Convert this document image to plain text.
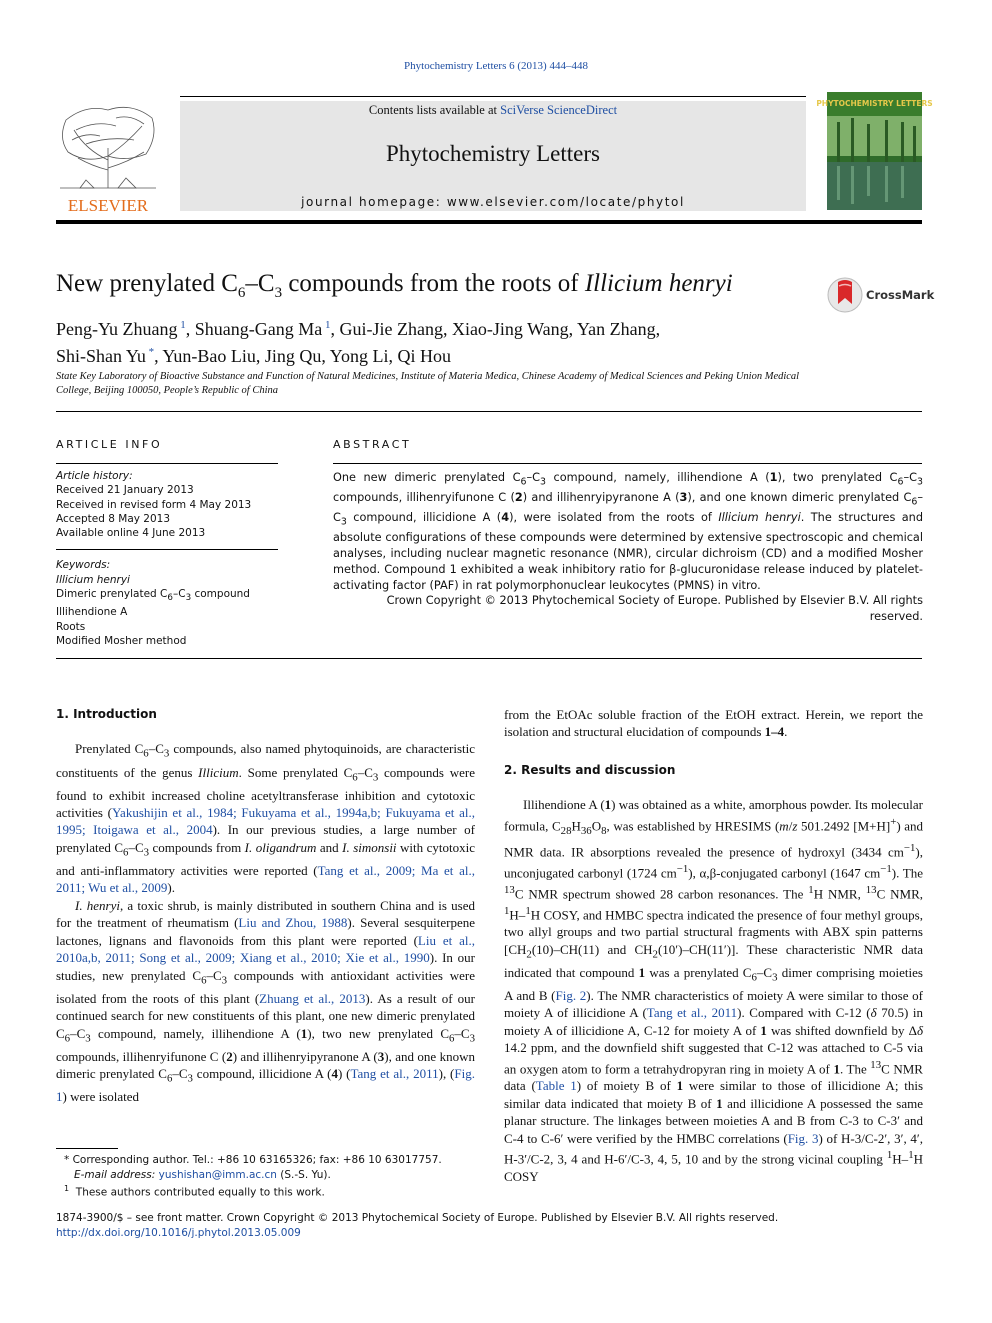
Phytochemistry Letters 6 (2013) 444–448
ELSEVIER
Contents lists available at SciVerse ScienceDirect
Phytochemistry Letters
journal homepage: www.elsevier.com/locate/phytol
PHYTOCHEMISTRY LETTERS
New prenylated $C_6-C_3$ compounds from the roots of Illicium henryi	CrossMark
Peng-Yu Zhuang $^1$, Shuang-Gang Ma $^1$, Gui-Jie Zhang, Xiao-Jing Wang, Yan Zhang,
Shi-Shan Yu *, Yun-Bao Liu, Jing Qu, Yong Li, Qi Hou
State Key Laboratory of Bioactive Substance and Function of Natural Medicines, Institute of Materia Medica, Chinese Academy of Medical Sciences and Peking Union Medical College, Beijing 100050, People’s Republic of China
ARTICLE INFO
Article history:
Received 21 January 2013
Received in revised form 4 May 2013
Accepted 8 May 2013
Available online 4 June 2013
Keywords:
Illicium henryi
Dimeric prenylated $C_6-C_3$ compound
Illihendione A
Roots
Modified Mosher method
ABSTRACT
One new dimeric prenylated $C_6-C_3$ compound, namely, illihendione A (1), two prenylated $C_6-C_3$ compounds, illihenryifunone C (2) and illihenryipyranone A (3), and one known dimeric prenylated $C_6-C_3$ compound, illicidione A (4), were isolated from the roots of Illicium henryi. The structures and absolute configurations of these compounds were determined by extensive spectroscopic and chemical analyses, including nuclear magnetic resonance (NMR), circular dichroism (CD) and a modified Mosher method. Compound 1 exhibited a weak inhibitory ratio for β-glucuronidase release induced by platelet-activating factor (PAF) in rat polymorphonuclear leukocytes (PMNS) in vitro.
Crown Copyright © 2013 Phytochemical Society of Europe. Published by Elsevier B.V. All rights reserved.
1. Introduction

Prenylated $C_6-C_3$ compounds, also named phytoquinoids, are characteristic constituents of the genus Illicium. Some prenylated $C_6-C_3$ compounds were found to exhibit increased choline acetyltransferase inhibition and cytotoxic activities (Yakushijin et al., 1984; Fukuyama et al., 1994a,b; Fukuyama et al., 1995; Itoigawa et al., 2004). In our previous studies, a large number of prenylated $C_6-C_3$ compounds from I. oligandrum and I. simonsii with cytotoxic and anti-inflammatory activities were reported (Tang et al., 2009; Ma et al., 2011; Wu et al., 2009).

I. henryi, a toxic shrub, is mainly distributed in southern China and is used for the treatment of rheumatism (Liu and Zhou, 1988). Several sesquiterpene lactones, lignans and flavonoids from this plant were reported (Liu et al., 2010a,b, 2011; Song et al., 2009; Xiang et al., 2010; Xie et al., 1990). In our studies, new prenylated $C_6-C_3$ compounds with antioxidant activities were isolated from the roots of this plant (Zhuang et al., 2013). As a result of our continued search for new constituents of this plant, one new dimeric prenylated $C_6-C_3$ compound, namely, illihendione A (1), two new prenylated $C_6-C_3$ compounds, illihenryifunone C (2) and illihenryipyranone A (3), and one known dimeric prenylated $C_6-C_3$ compound, illicidione A (4) (Tang et al., 2011), (Fig. 1) were isolated

from the EtOAc soluble fraction of the EtOH extract. Herein, we report the isolation and structural elucidation of compounds 1–4.

2. Results and discussion

Illihendione A (1) was obtained as a white, amorphous powder. Its molecular formula, $C_{28}H_{36}O_8$, was established by HRESIMS (m/z 501.2492 [M+H]+) and NMR data. IR absorptions revealed the presence of hydroxyl (3434 $cm^{-1}$), unconjugated carbonyl (1724 $cm^{-1}$), α,β-conjugated carbonyl (1647 $cm^{-1}$). The $^{13}$C NMR spectrum showed 28 carbon resonances. The $^1$H NMR, $^{13}$C NMR, $^1$H–$^1$H COSY, and HMBC spectra indicated the presence of four methyl groups, two allyl groups and two partial structural fragments with ABX spin patterns [$CH_2(10)-CH(11)$ and $CH_2(10')-CH(11')$]. These characteristic NMR data indicated that compound 1 was a prenylated $C_6-C_3$ dimer comprising moieties A and B (Fig. 2). The NMR characteristics of moiety A were similar to those of moiety A of illicidione A (Tang et al., 2011). Compared with C-12 (δ 70.5) in moiety A of illicidione A, C-12 for moiety A of 1 was shifted downfield by Δδ 14.2 ppm, and the downfield shift suggested that C-12 was attached to C-5 via an oxygen atom to form a tetrahydropyran ring in moiety A of 1. The $^{13}$C NMR data (Table 1) of moiety B of 1 were similar to those of illicidione A; this similar data indicated that moiety B of 1 and illicidione A possessed the same planar structure. The linkages between moieties A and B from C-3 to C-3′ and C-4 to C-6′ were verified by the HMBC correlations (Fig. 3) of H-3/C-2′, 3′, 4′, H-3′/C-2, 3, 4 and H-6′/C-3, 4, 5, 10 and by the strong vicinal coupling $^1$H–$^1$H COSY

* Corresponding author. Tel.: +86 10 63165326; fax: +86 10 63017757.
E-mail address: yushishan@imm.ac.cn (S.-S. Yu).
$^1$ These authors contributed equally to this work.
1874-3900/$ – see front matter. Crown Copyright © 2013 Phytochemical Society of Europe. Published by Elsevier B.V. All rights reserved.
http://dx.doi.org/10.1016/j.phytol.2013.05.009
